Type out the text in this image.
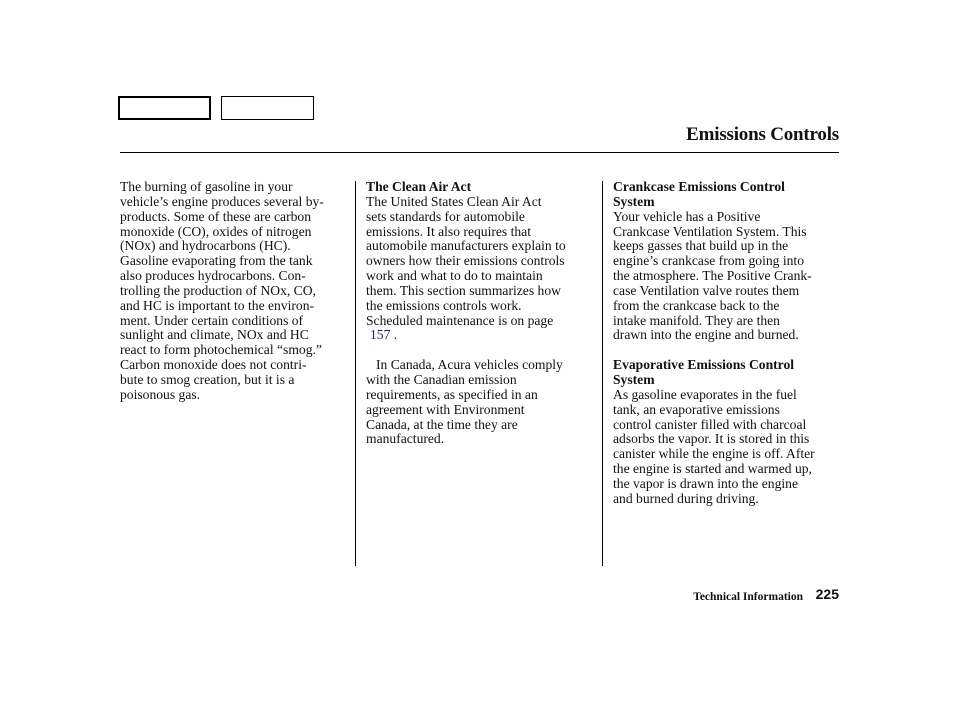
Emissions Controls
The burning of gasoline in your
vehicle’s engine produces several by-
products. Some of these are carbon
monoxide (CO), oxides of nitrogen
(NOx) and hydrocarbons (HC).
Gasoline evaporating from the tank
also produces hydrocarbons. Con-
trolling the production of NOx, CO,
and HC is important to the environ-
ment. Under certain conditions of
sunlight and climate, NOx and HC
react to form photochemical “smog.”
Carbon monoxide does not contri-
bute to smog creation, but it is a
poisonous gas.
The Clean Air Act
The United States Clean Air Act
sets standards for automobile
emissions. It also requires that
automobile manufacturers explain to
owners how their emissions controls
work and what to do to maintain
them. This section summarizes how
the emissions controls work.
Scheduled maintenance is on page
157 .
In Canada, Acura vehicles comply
with the Canadian emission
requirements, as specified in an
agreement with Environment
Canada, at the time they are
manufactured.
Crankcase Emissions Control
System
Your vehicle has a Positive
Crankcase Ventilation System. This
keeps gasses that build up in the
engine’s crankcase from going into
the atmosphere. The Positive Crank-
case Ventilation valve routes them
from the crankcase back to the
intake manifold. They are then
drawn into the engine and burned.
Evaporative Emissions Control
System
As gasoline evaporates in the fuel
tank, an evaporative emissions
control canister filled with charcoal
adsorbs the vapor. It is stored in this
canister while the engine is off. After
the engine is started and warmed up,
the vapor is drawn into the engine
and burned during driving.
Technical Information 225
